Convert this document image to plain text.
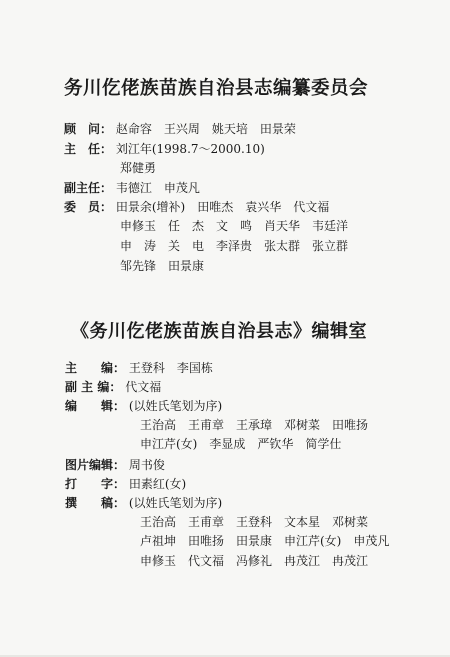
务川仡佬族苗族自治县志编纂委员会
顾　问： 赵命容　王兴周　姚天培　田景荣
主　任： 刘江年(1998.7～2000.10)
郑健勇
副主任： 韦德江　申茂凡
委　员： 田景余(增补)　田唯杰　袁兴华　代文福
申修玉　任　杰　文　鸣　肖天华　韦廷洋
申　涛　关　电　李泽贵　张太群　张立群
邹先锋　田景康
《务川仡佬族苗族自治县志》编辑室
主　　编： 王登科　李国栋
副 主 编： 代文福
编　　辑： (以姓氏笔划为序)
王治高　王甫章　王承璋　邓树菜　田唯扬
申江芹(女)　李显成　严钦华　简学仕
图片编辑： 周书俊
打　　字： 田素红(女)
撰　　稿： (以姓氏笔划为序)
王治高　王甫章　王登科　文本星　邓树菜
卢祖坤　田唯扬　田景康　申江芹(女)　申茂凡
申修玉　代文福　冯修礼　冉茂江　冉茂江
